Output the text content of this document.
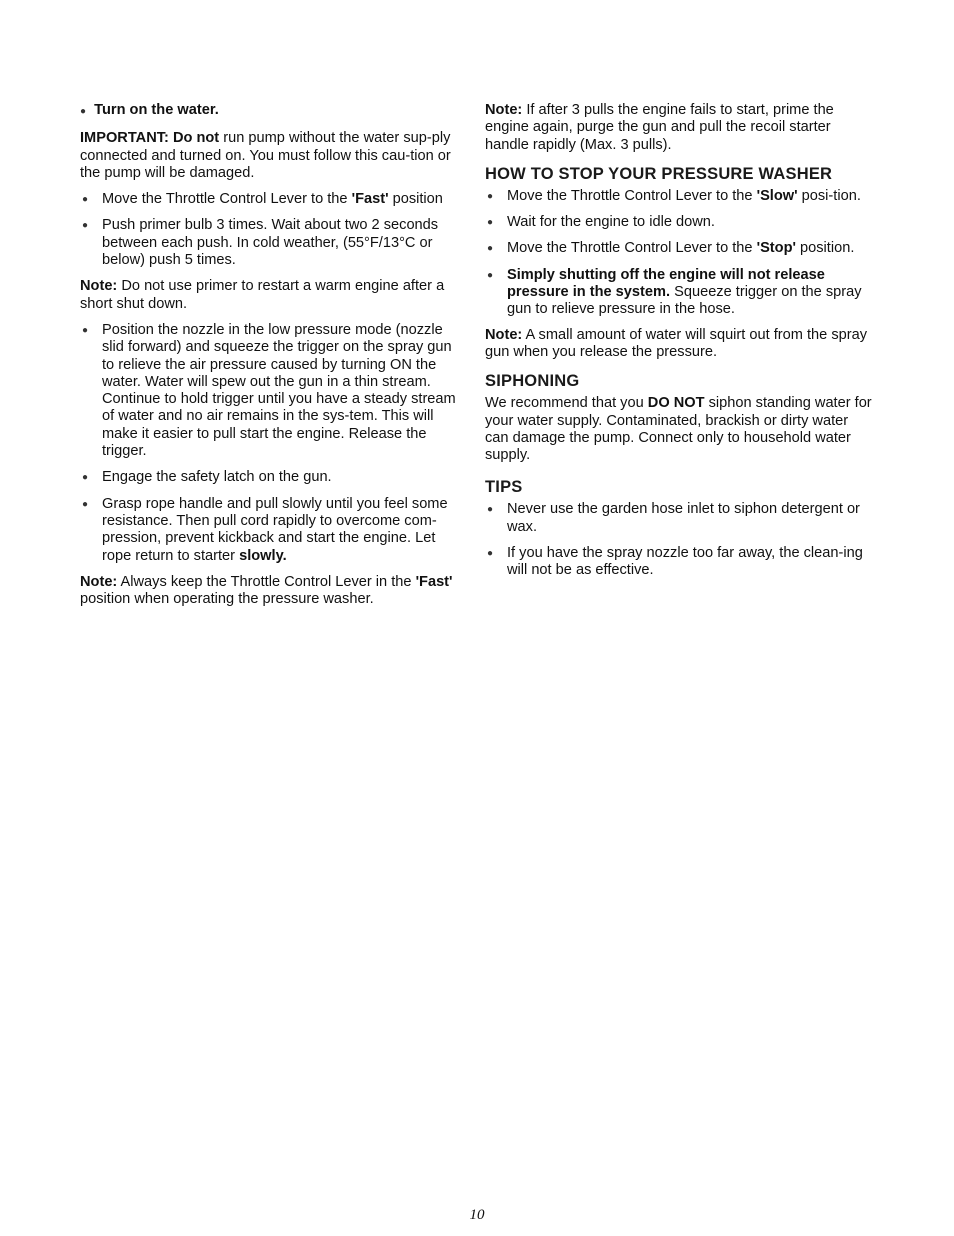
● Turn on the water.

IMPORTANT: Do not run pump without the water sup-ply connected and turned on. You must follow this cau-tion or the pump will be damaged.

● Move the Throttle Control Lever to the 'Fast' position
● Push primer bulb 3 times. Wait about two 2 seconds between each push. In cold weather, (55°F/13°C or below) push 5 times.

Note: Do not use primer to restart a warm engine after a short shut down.

● Position the nozzle in the low pressure mode (nozzle slid forward) and squeeze the trigger on the spray gun to relieve the air pressure caused by turning ON the water. Water will spew out the gun in a thin stream. Continue to hold trigger until you have a steady stream of water and no air remains in the sys-tem. This will make it easier to pull start the engine. Release the trigger.
● Engage the safety latch on the gun.
● Grasp rope handle and pull slowly until you feel some resistance. Then pull cord rapidly to overcome com-pression, prevent kickback and start the engine. Let rope return to starter slowly.

Note: Always keep the Throttle Control Lever in the 'Fast' position when operating the pressure washer.

Note: If after 3 pulls the engine fails to start, prime the engine again, purge the gun and pull the recoil starter handle rapidly (Max. 3 pulls).

HOW TO STOP YOUR PRESSURE WASHER
● Move the Throttle Control Lever to the 'Slow' posi-tion.
● Wait for the engine to idle down.
● Move the Throttle Control Lever to the 'Stop' position.
● Simply shutting off the engine will not release pressure in the system. Squeeze trigger on the spray gun to relieve pressure in the hose.

Note: A small amount of water will squirt out from the spray gun when you release the pressure.

SIPHONING

We recommend that you DO NOT siphon standing water for your water supply. Contaminated, brackish or dirty water can damage the pump. Connect only to household water supply.

TIPS
● Never use the garden hose inlet to siphon detergent or wax.
● If you have the spray nozzle too far away, the clean-ing will not be as effective.
10
